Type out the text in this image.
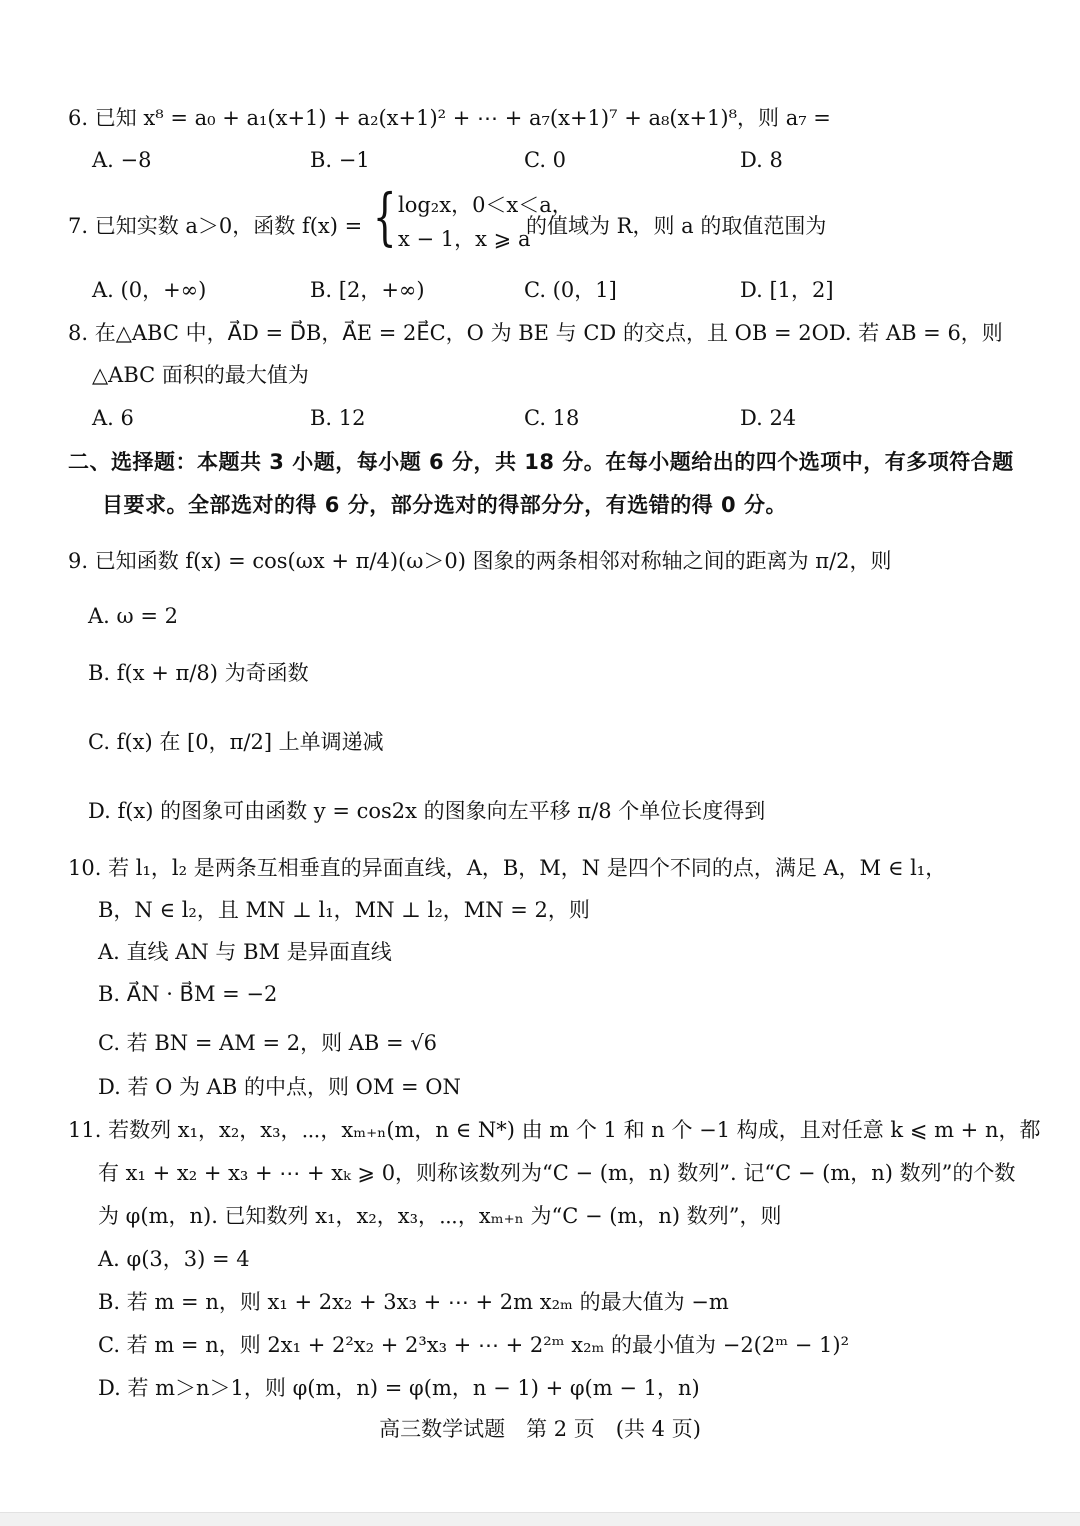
6. 已知 x⁸ = a₀ + a₁(x+1) + a₂(x+1)² + ⋯ + a₇(x+1)⁷ + a₈(x+1)⁸，则 a₇ =
A. −8	B. −1	C. 0	D. 8
7. 已知实数 a＞0，函数 f(x) = { log₂x，0＜x＜a，
x − 1，x ⩾ a
的值域为 R，则 a 的取值范围为
A. (0，+∞)	B. [2，+∞)	C. (0，1]	D. [1，2]
8. 在△ABC 中，A⃗D = D⃗B，A⃗E = 2E⃗C，O 为 BE 与 CD 的交点，且 OB = 2OD. 若 AB = 6，则
△ABC 面积的最大值为
A. 6	B. 12	C. 18	D. 24
二、选择题：本题共 3 小题，每小题 6 分，共 18 分。在每小题给出的四个选项中，有多项符合题
目要求。全部选对的得 6 分，部分选对的得部分分，有选错的得 0 分。
9. 已知函数 f(x) = cos(ωx + π/4)(ω＞0) 图象的两条相邻对称轴之间的距离为 π/2，则
A. ω = 2
B. f(x + π/8) 为奇函数
C. f(x) 在 [0，π/2] 上单调递减
D. f(x) 的图象可由函数 y = cos2x 的图象向左平移 π/8 个单位长度得到
10. 若 l₁，l₂ 是两条互相垂直的异面直线，A，B，M，N 是四个不同的点，满足 A，M ∈ l₁，
B，N ∈ l₂，且 MN ⊥ l₁，MN ⊥ l₂，MN = 2，则
A. 直线 AN 与 BM 是异面直线
B. A⃗N · B⃗M = −2
C. 若 BN = AM = 2，则 AB = √6
D. 若 O 为 AB 的中点，则 OM = ON
11. 若数列 x₁，x₂，x₃，⋯，xₘ₊ₙ(m，n ∈ N*) 由 m 个 1 和 n 个 −1 构成，且对任意 k ⩽ m + n，都
有 x₁ + x₂ + x₃ + ⋯ + xₖ ⩾ 0，则称该数列为“C − (m，n) 数列”. 记“C − (m，n) 数列”的个数
为 φ(m，n). 已知数列 x₁，x₂，x₃，⋯，xₘ₊ₙ 为“C − (m，n) 数列”，则
A. φ(3，3) = 4
B. 若 m = n，则 x₁ + 2x₂ + 3x₃ + ⋯ + 2m x₂ₘ 的最大值为 −m
C. 若 m = n，则 2x₁ + 2²x₂ + 2³x₃ + ⋯ + 2²ᵐ x₂ₘ 的最小值为 −2(2ᵐ − 1)²
D. 若 m＞n＞1，则 φ(m，n) = φ(m，n − 1) + φ(m − 1，n)
高三数学试题　第 2 页　(共 4 页)
